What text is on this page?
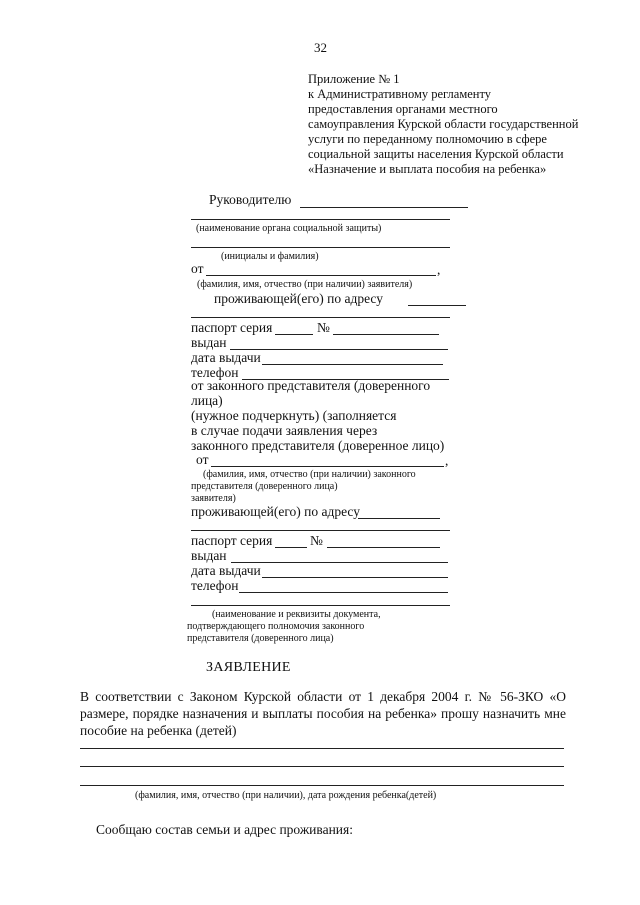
32
Приложение № 1
к Административному регламенту
предоставления органами местного
самоуправления Курской области государственной
услуги по переданному полномочию в сфере
социальной защиты населения Курской области
«Назначение и выплата пособия на ребенка»
Руководителю
(наименование органа социальной защиты)
(инициалы и фамилия)
от	,
(фамилия, имя, отчество (при наличии) заявителя)
проживающей(его) по адресу
паспорт серия	№
выдан
дата выдачи
телефон
от законного представителя (доверенного
лица)
(нужное подчеркнуть) (заполняется
в случае подачи заявления через
законного представителя (доверенное лицо)
от	,
(фамилия, имя, отчество (при наличии) законного
представителя (доверенного лица)
заявителя)
проживающей(его) по адресу
паспорт серия	№
выдан
дата выдачи
телефон
(наименование и реквизиты документа,
подтверждающего полномочия законного
представителя (доверенного лица)
ЗАЯВЛЕНИЕ
В соответствии с Законом Курской области от 1 декабря 2004 г. № 56-ЗКО «О размере, порядке назначения и выплаты пособия на ребенка» прошу назначить мне пособие на ребенка (детей)
(фамилия, имя, отчество (при наличии), дата рождения ребенка(детей)
Сообщаю состав семьи и адрес проживания:
